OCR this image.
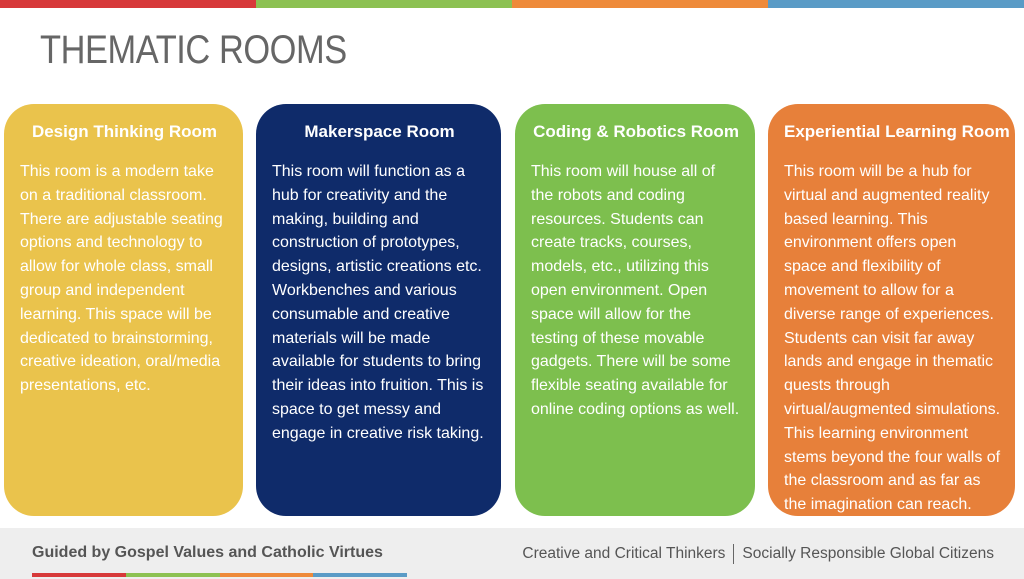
THEMATIC ROOMS
Design Thinking Room
This room is a modern take on a traditional classroom. There are adjustable seating options and technology to allow for whole class, small group and independent learning. This space will be dedicated to brainstorming, creative ideation, oral/media presentations, etc.
Makerspace Room
This room will function as a hub for creativity and the making, building and construction of prototypes, designs, artistic creations etc. Workbenches and various consumable and creative materials will be made available for students to bring their ideas into fruition. This is space to get messy and engage in creative risk taking.
Coding & Robotics Room
This room will house all of the robots and coding resources. Students can create tracks, courses, models, etc., utilizing this open environment. Open space will allow for the testing of these movable gadgets. There will be some flexible seating available for online coding options as well.
Experiential Learning Room
This room will be a hub for virtual and augmented reality based learning. This environment offers open space and flexibility of movement to allow for a diverse range of experiences. Students can visit far away lands and engage in thematic quests through virtual/augmented simulations. This learning environment stems beyond the four walls of the classroom and as far as the imagination can reach.
Guided by Gospel Values and Catholic Virtues	Creative and Critical Thinkers Socially Responsible Global Citizens
